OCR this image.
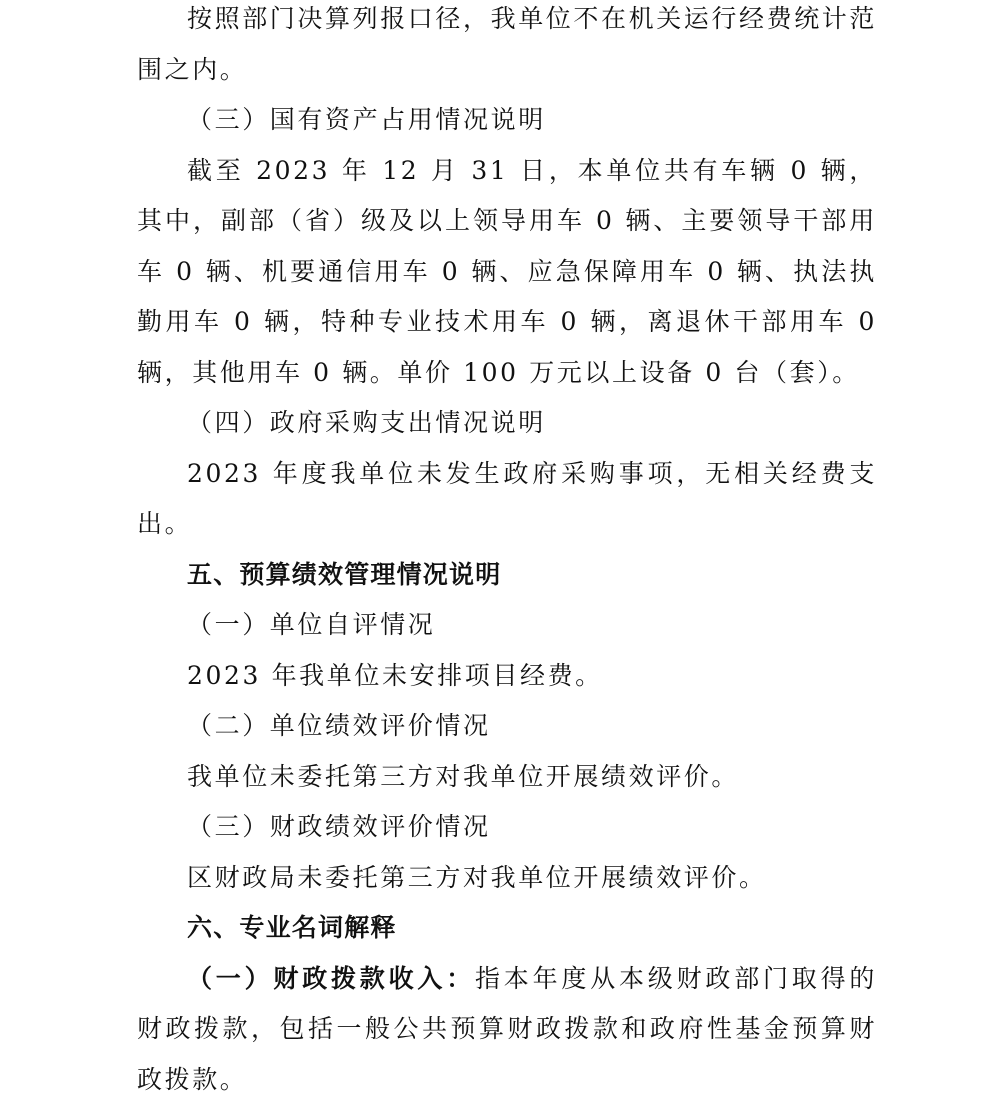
按照部门决算列报口径，我单位不在机关运行经费统计范围之内。

（三）国有资产占用情况说明

截至 2023 年 12 月 31 日，本单位共有车辆 0 辆，其中，副部（省）级及以上领导用车 0 辆、主要领导干部用车 0 辆、机要通信用车 0 辆、应急保障用车 0 辆、执法执勤用车 0 辆，特种专业技术用车 0 辆，离退休干部用车 0 辆，其他用车 0 辆。单价 100 万元以上设备 0 台（套）。

（四）政府采购支出情况说明

2023 年度我单位未发生政府采购事项，无相关经费支出。

五、预算绩效管理情况说明

（一）单位自评情况

2023 年我单位未安排项目经费。

（二）单位绩效评价情况

我单位未委托第三方对我单位开展绩效评价。

（三）财政绩效评价情况

区财政局未委托第三方对我单位开展绩效评价。

六、专业名词解释

（一）财政拨款收入：指本年度从本级财政部门取得的财政拨款，包括一般公共预算财政拨款和政府性基金预算财政拨款。
